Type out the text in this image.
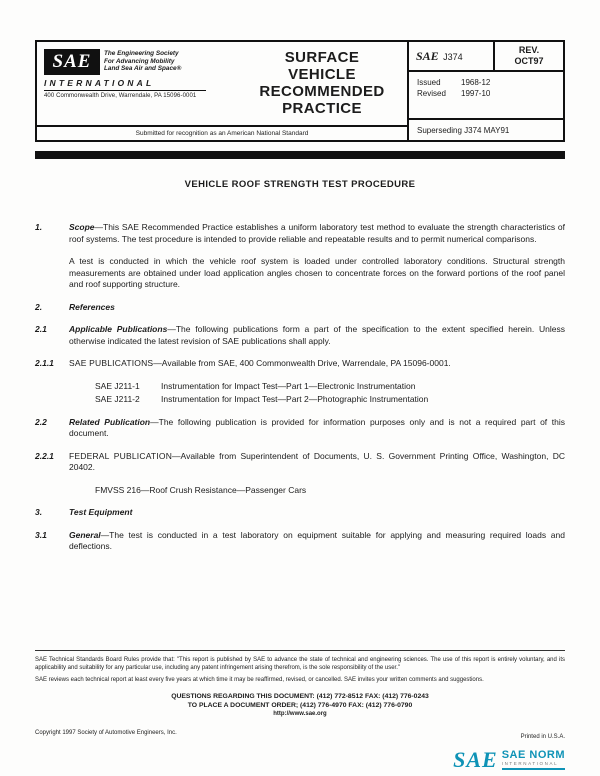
SAE	The Engineering Society
For Advancing Mobility
Land Sea Air and Space®
INTERNATIONAL
400 Commonwealth Drive, Warrendale, PA 15096-0001
SURFACE
VEHICLE
RECOMMENDED
PRACTICE
Submitted for recognition as an American National Standard
SAE J374
REV.
OCT97
Issued	1968-12
Revised	1997-10
Superseding J374 MAY91
VEHICLE ROOF STRENGTH TEST PROCEDURE
1.	Scope—This SAE Recommended Practice establishes a uniform laboratory test method to evaluate the strength characteristics of roof systems. The test procedure is intended to provide reliable and repeatable results and to permit numerical comparisons.
A test is conducted in which the vehicle roof system is loaded under controlled laboratory conditions. Structural strength measurements are obtained under load application angles chosen to concentrate forces on the forward portions of the roof panel and roof supporting structure.
2.	References
2.1	Applicable Publications—The following publications form a part of the specification to the extent specified herein. Unless otherwise indicated the latest revision of SAE publications shall apply.
2.1.1	SAE PUBLICATIONS—Available from SAE, 400 Commonwealth Drive, Warrendale, PA 15096-0001.
SAE J211-1	Instrumentation for Impact Test—Part 1—Electronic Instrumentation
SAE J211-2	Instrumentation for Impact Test—Part 2—Photographic Instrumentation
2.2	Related Publication—The following publication is provided for information purposes only and is not a required part of this document.
2.2.1	FEDERAL PUBLICATION—Available from Superintendent of Documents, U. S. Government Printing Office, Washington, DC 20402.
FMVSS 216—Roof Crush Resistance—Passenger Cars
3.	Test Equipment
3.1	General—The test is conducted in a test laboratory on equipment suitable for applying and measuring required loads and deflections.
SAE Technical Standards Board Rules provide that: "This report is published by SAE to advance the state of technical and engineering sciences. The use of this report is entirely voluntary, and its applicability and suitability for any particular use, including any patent infringement arising therefrom, is the sole responsibility of the user."
SAE reviews each technical report at least every five years at which time it may be reaffirmed, revised, or cancelled. SAE invites your written comments and suggestions.
QUESTIONS REGARDING THIS DOCUMENT: (412) 772-8512 FAX: (412) 776-0243
TO PLACE A DOCUMENT ORDER; (412) 776-4970 FAX: (412) 776-0790
http://www.sae.org
Copyright 1997 Society of Automotive Engineers, Inc.
Printed in U.S.A.
SAE SAE NORM
INTERNATIONAL
